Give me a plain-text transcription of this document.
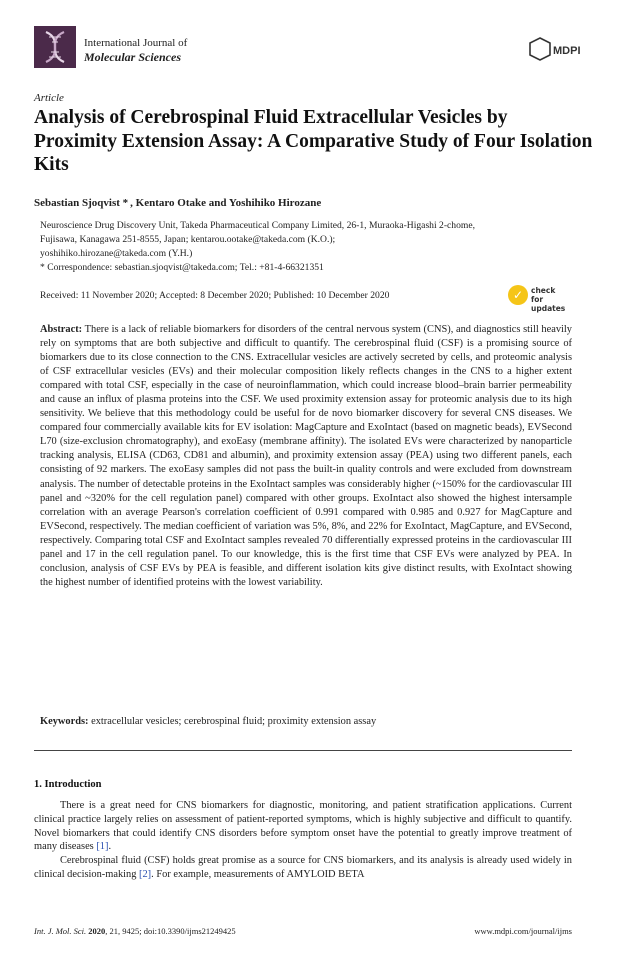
International Journal of
Molecular Sciences	MDPI
Article
Analysis of Cerebrospinal Fluid Extracellular Vesicles by Proximity Extension Assay: A Comparative Study of Four Isolation Kits
Sebastian Sjoqvist * , Kentaro Otake and Yoshihiko Hirozane
Neuroscience Drug Discovery Unit, Takeda Pharmaceutical Company Limited, 26-1, Muraoka-Higashi 2-chome,
Fujisawa, Kanagawa 251-8555, Japan; kentarou.ootake@takeda.com (K.O.);
yoshihiko.hirozane@takeda.com (Y.H.)
* Correspondence: sebastian.sjoqvist@takeda.com; Tel.: +81-4-66321351
Received: 11 November 2020; Accepted: 8 December 2020; Published: 10 December 2020	✓	check for
updates
Abstract: There is a lack of reliable biomarkers for disorders of the central nervous system (CNS), and diagnostics still heavily rely on symptoms that are both subjective and difficult to quantify. The cerebrospinal fluid (CSF) is a promising source of biomarkers due to its close connection to the CNS. Extracellular vesicles are actively secreted by cells, and proteomic analysis of CSF extracellular vesicles (EVs) and their molecular composition likely reflects changes in the CNS to a higher extent compared with total CSF, especially in the case of neuroinflammation, which could increase blood–brain barrier permeability and cause an influx of plasma proteins into the CSF. We used proximity extension assay for proteomic analysis due to its high sensitivity. We believe that this methodology could be useful for de novo biomarker discovery for several CNS diseases. We compared four commercially available kits for EV isolation: MagCapture and ExoIntact (based on magnetic beads), EVSecond L70 (size-exclusion chromatography), and exoEasy (membrane affinity). The isolated EVs were characterized by nanoparticle tracking analysis, ELISA (CD63, CD81 and albumin), and proximity extension assay (PEA) using two different panels, each consisting of 92 markers. The exoEasy samples did not pass the built-in quality controls and were excluded from downstream analysis. The number of detectable proteins in the ExoIntact samples was considerably higher (~150% for the cardiovascular III panel and ~320% for the cell regulation panel) compared with other groups. ExoIntact also showed the highest intersample correlation with an average Pearson's correlation coefficient of 0.991 compared with 0.985 and 0.927 for MagCapture and EVSecond, respectively. The median coefficient of variation was 5%, 8%, and 22% for ExoIntact, MagCapture, and EVSecond, respectively. Comparing total CSF and ExoIntact samples revealed 70 differentially expressed proteins in the cardiovascular III panel and 17 in the cell regulation panel. To our knowledge, this is the first time that CSF EVs were analyzed by PEA. In conclusion, analysis of CSF EVs by PEA is feasible, and different isolation kits give distinct results, with ExoIntact showing the highest number of identified proteins with the lowest variability.
Keywords: extracellular vesicles; cerebrospinal fluid; proximity extension assay
1. Introduction

There is a great need for CNS biomarkers for diagnostic, monitoring, and patient stratification applications. Current clinical practice largely relies on assessment of patient-reported symptoms, which is highly subjective and difficult to quantify. Novel biomarkers that could identify CNS disorders before symptom onset have the potential to greatly improve treatment of many diseases [1].

Cerebrospinal fluid (CSF) holds great promise as a source for CNS biomarkers, and its analysis is already used widely in clinical decision-making [2]. For example, measurements of AMYLOID BETA

Int. J. Mol. Sci. 2020, 21, 9425; doi:10.3390/ijms21249425	www.mdpi.com/journal/ijms
